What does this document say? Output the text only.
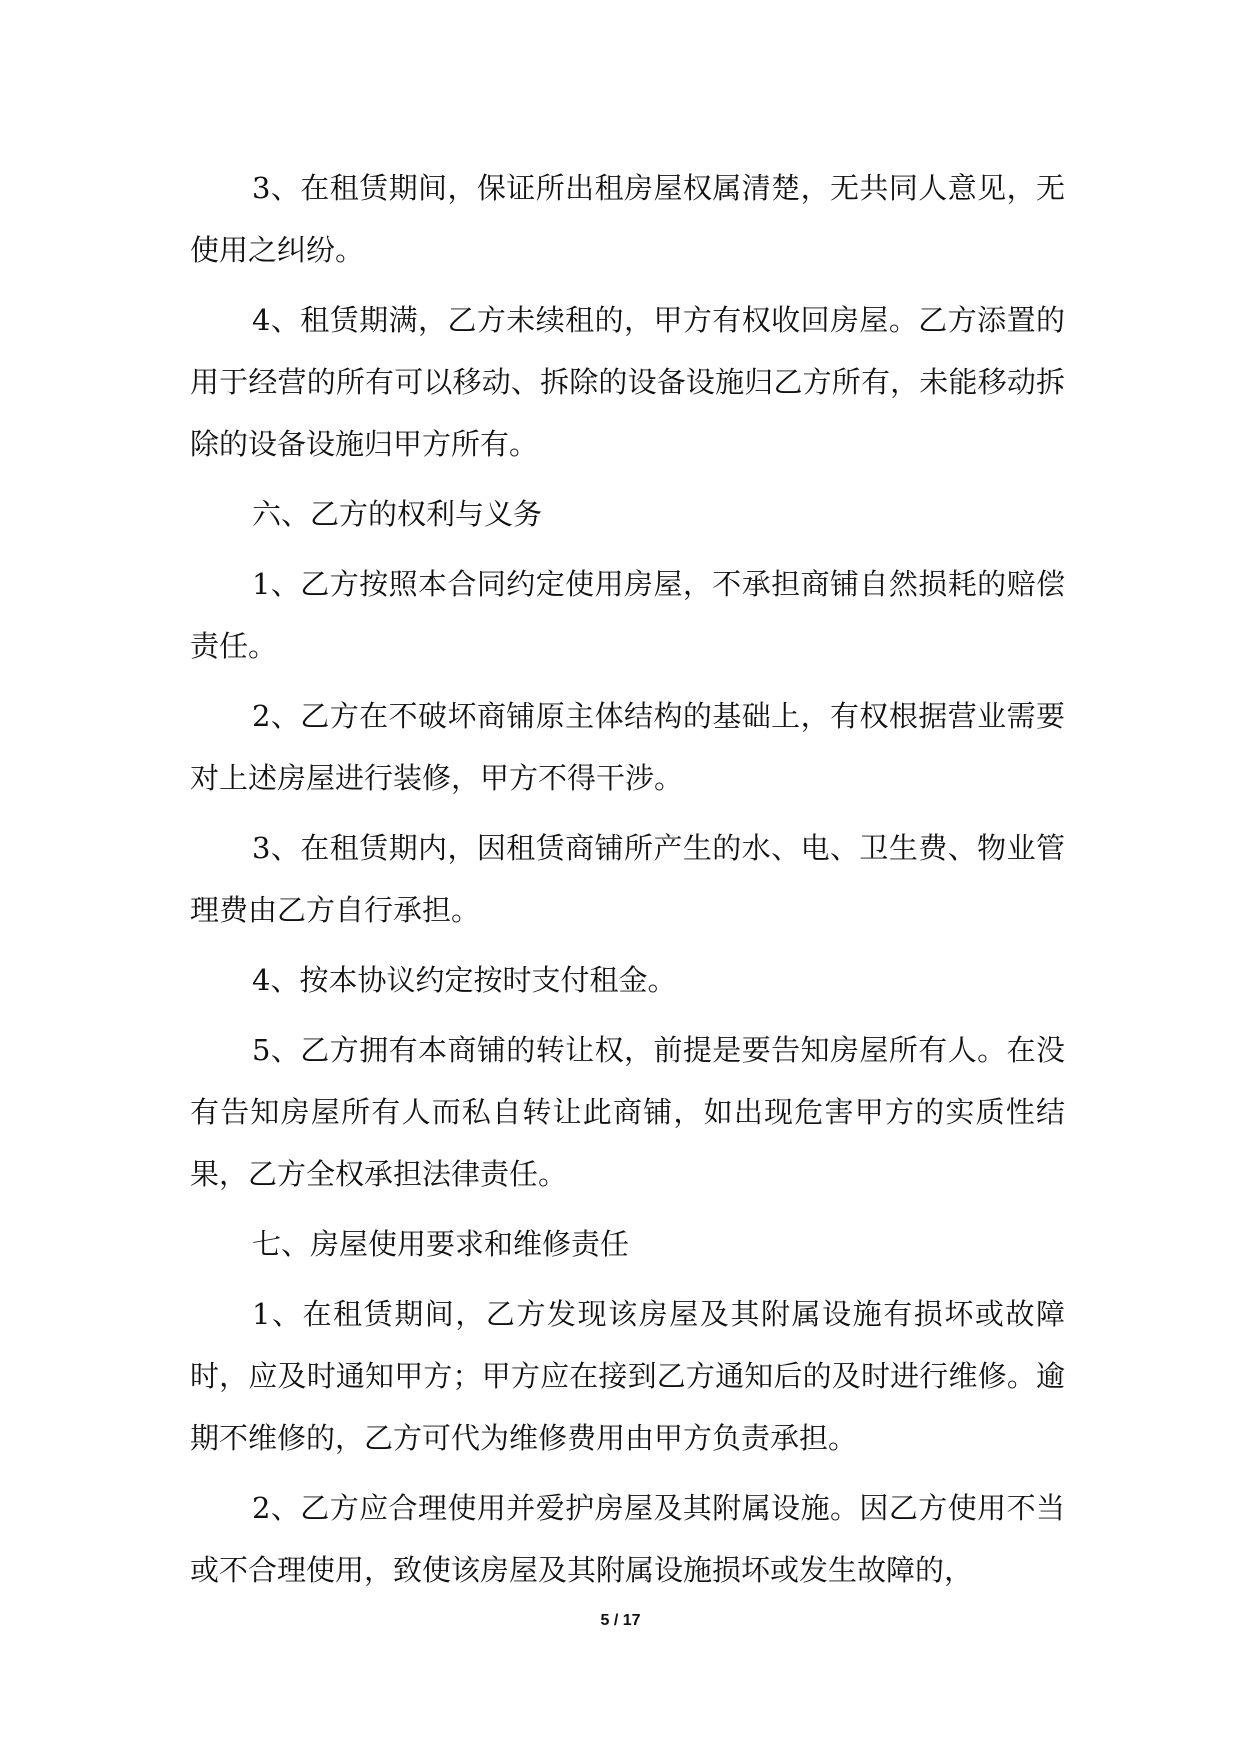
3、在租赁期间，保证所出租房屋权属清楚，无共同人意见，无使用之纠纷。

4、租赁期满，乙方未续租的，甲方有权收回房屋。乙方添置的用于经营的所有可以移动、拆除的设备设施归乙方所有，未能移动拆除的设备设施归甲方所有。

六、乙方的权利与义务

1、乙方按照本合同约定使用房屋，不承担商铺自然损耗的赔偿责任。

2、乙方在不破坏商铺原主体结构的基础上，有权根据营业需要对上述房屋进行装修，甲方不得干涉。

3、在租赁期内，因租赁商铺所产生的水、电、卫生费、物业管理费由乙方自行承担。

4、按本协议约定按时支付租金。

5、乙方拥有本商铺的转让权，前提是要告知房屋所有人。在没有告知房屋所有人而私自转让此商铺，如出现危害甲方的实质性结果，乙方全权承担法律责任。

七、房屋使用要求和维修责任

1、在租赁期间，乙方发现该房屋及其附属设施有损坏或故障时，应及时通知甲方；甲方应在接到乙方通知后的及时进行维修。逾期不维修的，乙方可代为维修费用由甲方负责承担。

2、乙方应合理使用并爱护房屋及其附属设施。因乙方使用不当或不合理使用，致使该房屋及其附属设施损坏或发生故障的，

5 / 17
